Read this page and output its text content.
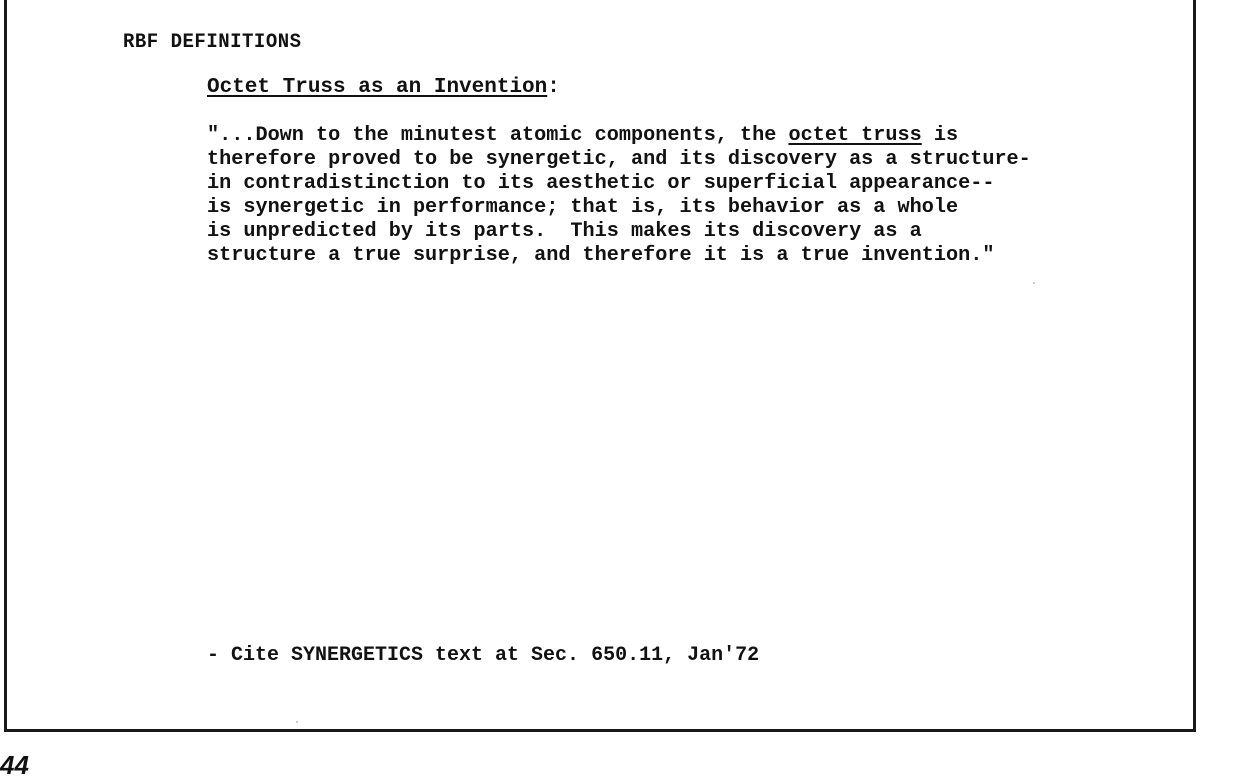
RBF DEFINITIONS
Octet Truss as an Invention:
"...Down to the minutest atomic components, the octet truss is
therefore proved to be synergetic, and its discovery as a structure-
in contradistinction to its aesthetic or superficial appearance--
is synergetic in performance; that is, its behavior as a whole
is unpredicted by its parts.  This makes its discovery as a
structure a true surprise, and therefore it is a true invention."
- Cite SYNERGETICS text at Sec. 650.11, Jan'72
44
